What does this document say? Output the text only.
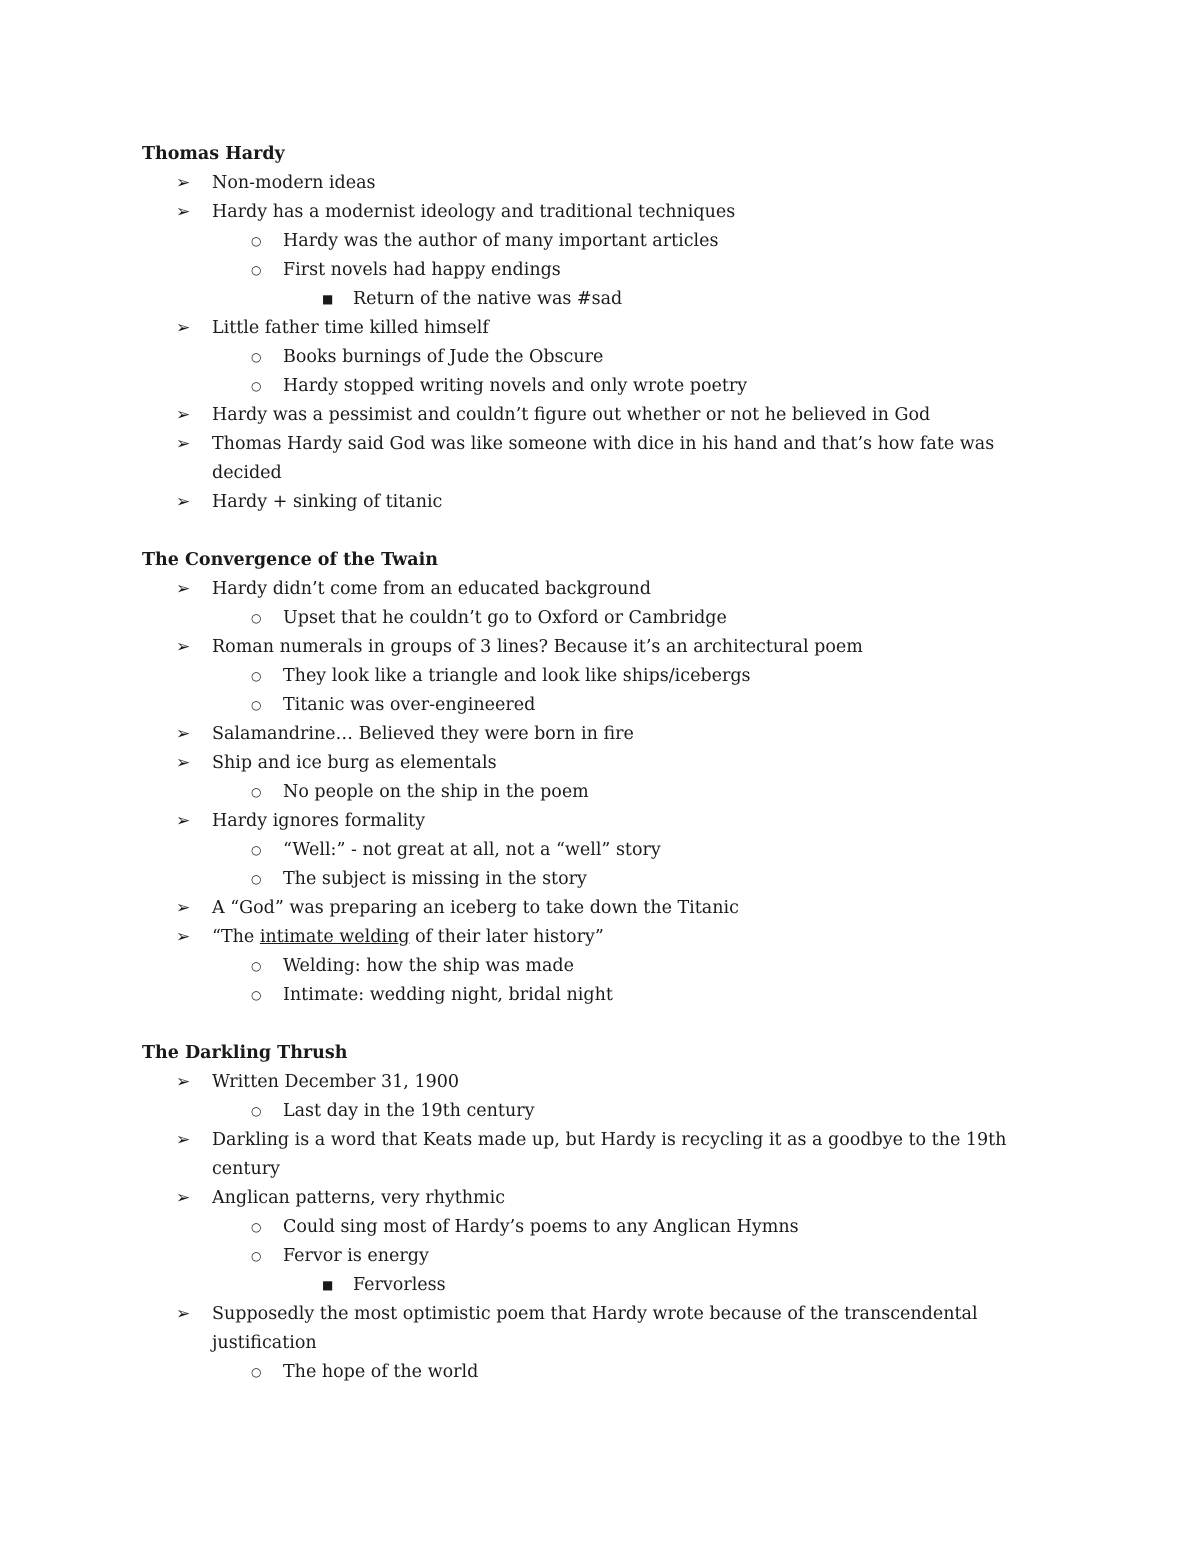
Thomas Hardy
➢ Non-modern ideas
➢ Hardy has a modernist ideology and traditional techniques
○ Hardy was the author of many important articles
○ First novels had happy endings
■ Return of the native was #sad
➢ Little father time killed himself
○ Books burnings of Jude the Obscure
○ Hardy stopped writing novels and only wrote poetry
➢ Hardy was a pessimist and couldn’t figure out whether or not he believed in God
➢ Thomas Hardy said God was like someone with dice in his hand and that’s how fate was decided
➢ Hardy + sinking of titanic
The Convergence of the Twain
➢ Hardy didn’t come from an educated background
○ Upset that he couldn’t go to Oxford or Cambridge
➢ Roman numerals in groups of 3 lines? Because it’s an architectural poem
○ They look like a triangle and look like ships/icebergs
○ Titanic was over-engineered
➢ Salamandrine… Believed they were born in fire
➢ Ship and ice burg as elementals
○ No people on the ship in the poem
➢ Hardy ignores formality
○ “Well:” - not great at all, not a “well” story
○ The subject is missing in the story
➢ A “God” was preparing an iceberg to take down the Titanic
➢ “The intimate welding of their later history”
○ Welding: how the ship was made
○ Intimate: wedding night, bridal night
The Darkling Thrush
➢ Written December 31, 1900
○ Last day in the 19th century
➢ Darkling is a word that Keats made up, but Hardy is recycling it as a goodbye to the 19th century
➢ Anglican patterns, very rhythmic
○ Could sing most of Hardy’s poems to any Anglican Hymns
○ Fervor is energy
■ Fervorless
➢ Supposedly the most optimistic poem that Hardy wrote because of the transcendental justification
○ The hope of the world
